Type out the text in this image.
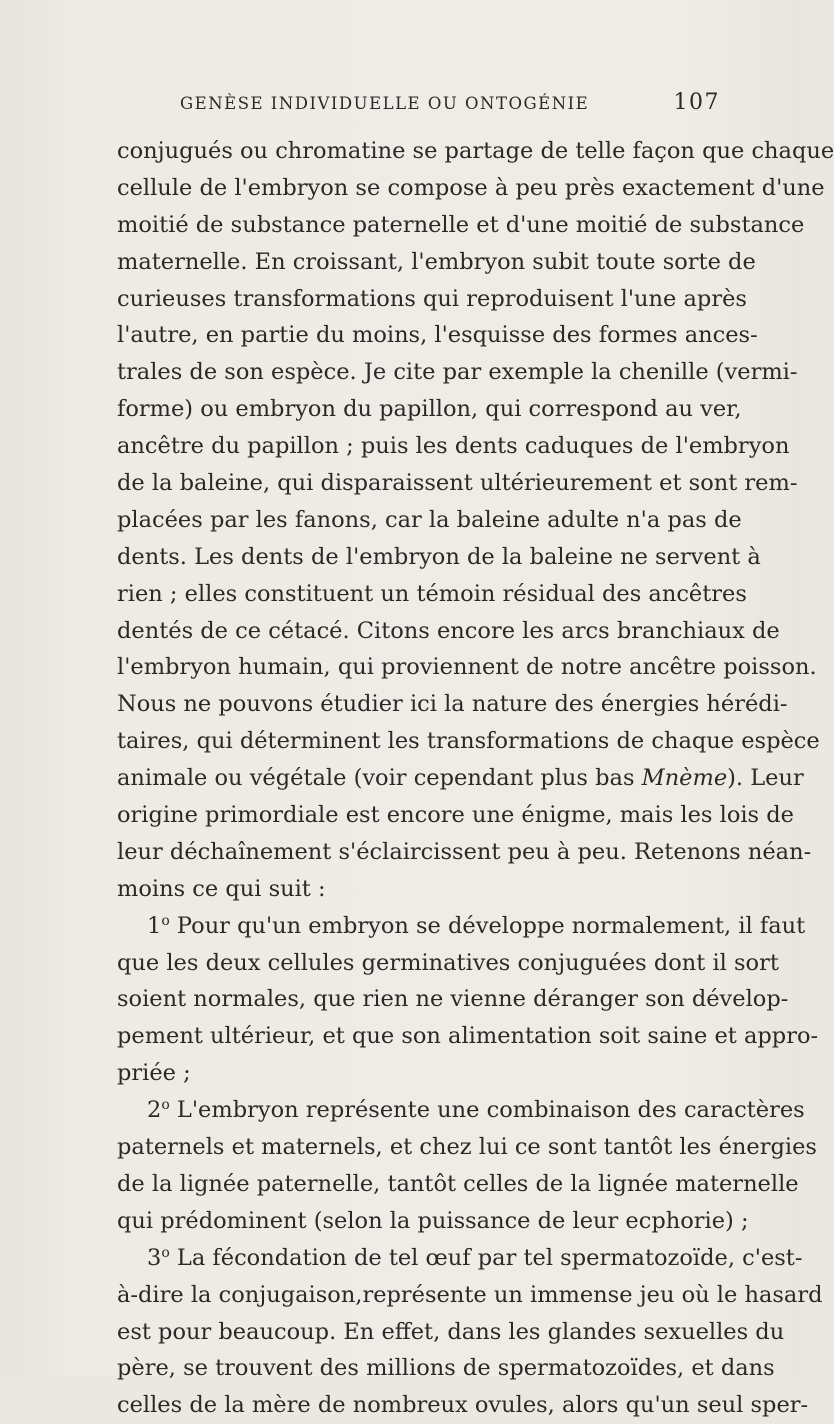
GENÈSE INDIVIDUELLE OU ONTOGÉNIE	107
conjugués ou chromatine se partage de telle façon que chaque
cellule de l'embryon se compose à peu près exactement d'une
moitié de substance paternelle et d'une moitié de substance
maternelle. En croissant, l'embryon subit toute sorte de
curieuses transformations qui reproduisent l'une après
l'autre, en partie du moins, l'esquisse des formes ances-
trales de son espèce. Je cite par exemple la chenille (vermi-
forme) ou embryon du papillon, qui correspond au ver,
ancêtre du papillon ; puis les dents caduques de l'embryon
de la baleine, qui disparaissent ultérieurement et sont rem-
placées par les fanons, car la baleine adulte n'a pas de
dents. Les dents de l'embryon de la baleine ne servent à
rien ; elles constituent un témoin résidual des ancêtres
dentés de ce cétacé. Citons encore les arcs branchiaux de
l'embryon humain, qui proviennent de notre ancêtre poisson.
Nous ne pouvons étudier ici la nature des énergies hérédi-
taires, qui déterminent les transformations de chaque espèce
animale ou végétale (voir cependant plus bas Mnème). Leur
origine primordiale est encore une énigme, mais les lois de
leur déchaînement s'éclaircissent peu à peu. Retenons néan-
moins ce qui suit :
1$^o$ Pour qu'un embryon se développe normalement, il faut
que les deux cellules germinatives conjuguées dont il sort
soient normales, que rien ne vienne déranger son dévelop-
pement ultérieur, et que son alimentation soit saine et appro-
priée ;
2$^o$ L'embryon représente une combinaison des caractères
paternels et maternels, et chez lui ce sont tantôt les énergies
de la lignée paternelle, tantôt celles de la lignée maternelle
qui prédominent (selon la puissance de leur ecphorie) ;
3$^o$ La fécondation de tel œuf par tel spermatozoïde, c'est-
à-dire la conjugaison,représente un immense jeu où le hasard
est pour beaucoup. En effet, dans les glandes sexuelles du
père, se trouvent des millions de spermatozoïdes, et dans
celles de la mère de nombreux ovules, alors qu'un seul sper-
